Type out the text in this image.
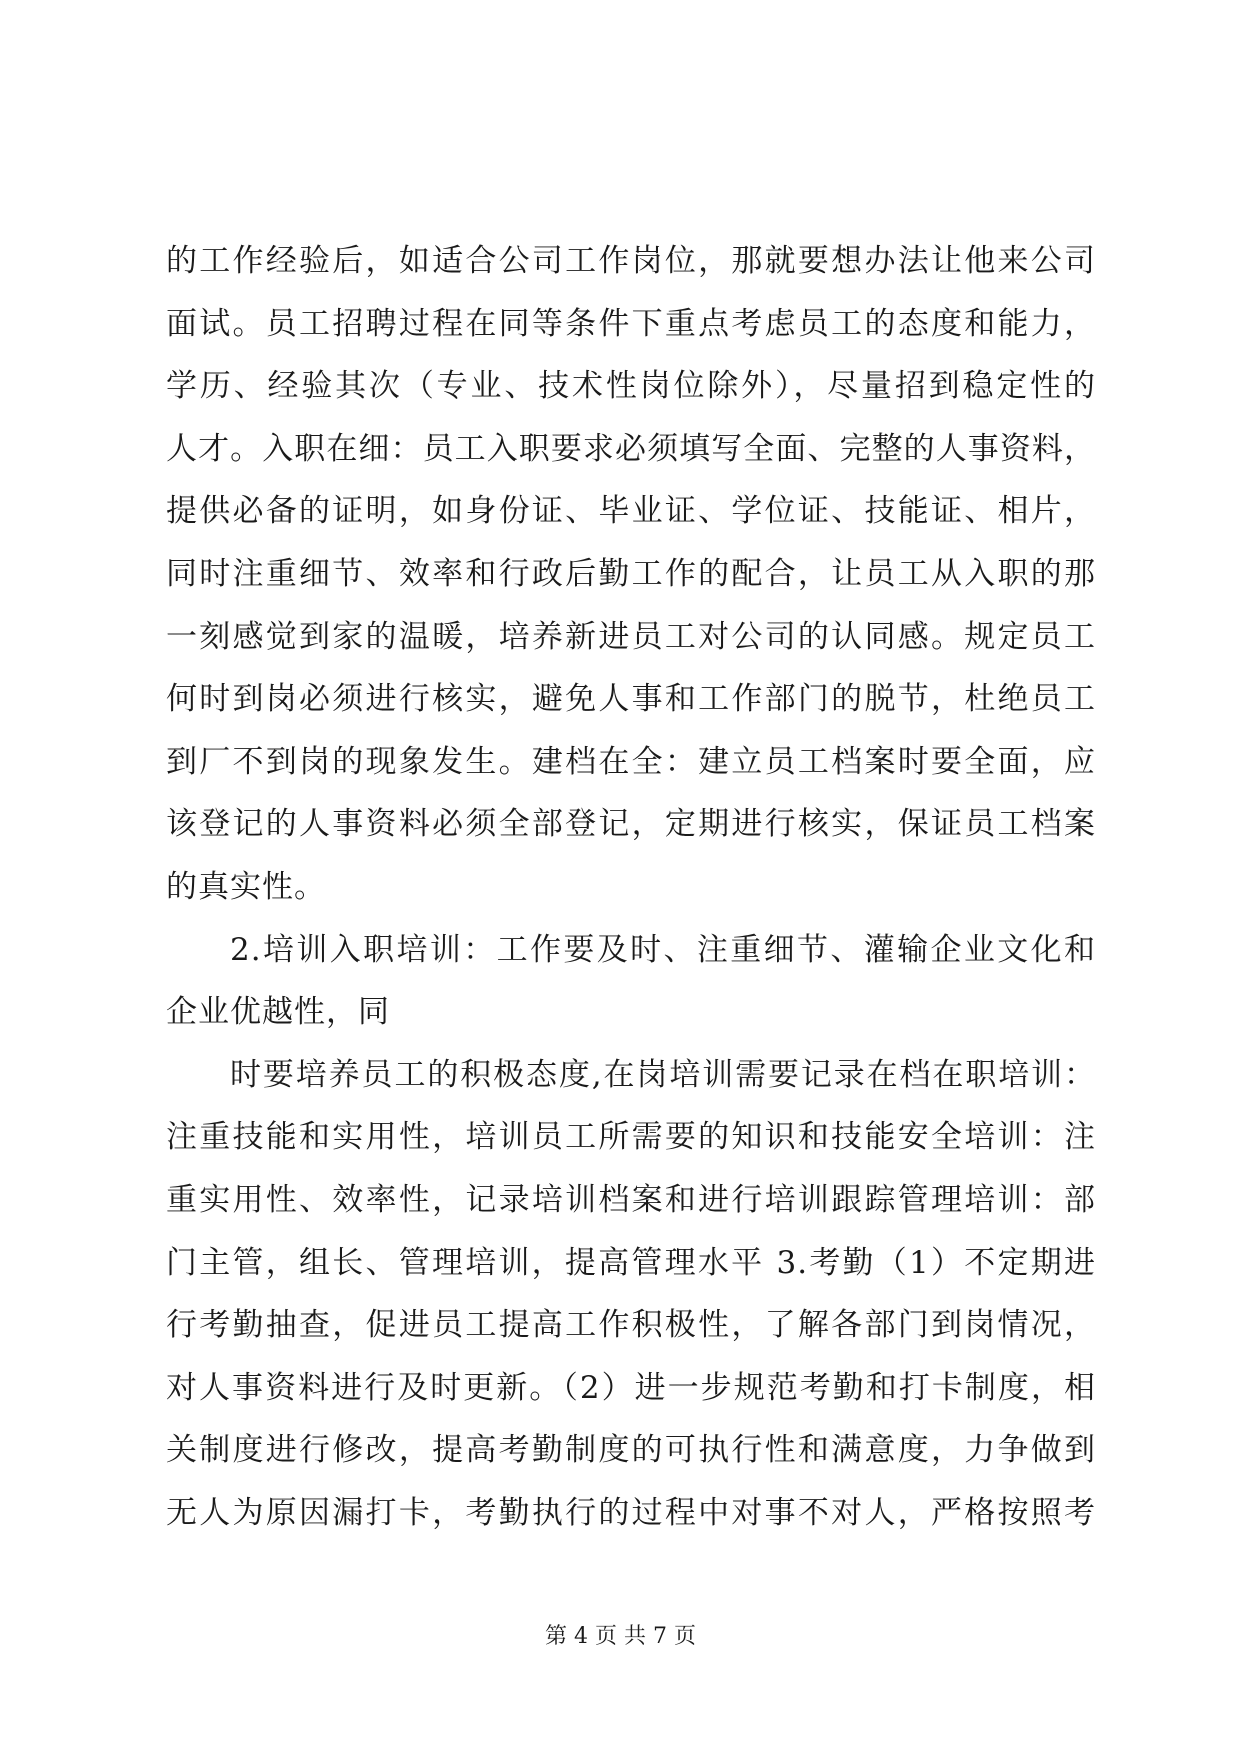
的工作经验后，如适合公司工作岗位，那就要想办法让他来公司
面试。员工招聘过程在同等条件下重点考虑员工的态度和能力，
学历、经验其次（专业、技术性岗位除外），尽量招到稳定性的
人才。入职在细：员工入职要求必须填写全面、完整的人事资料，
提供必备的证明，如身份证、毕业证、学位证、技能证、相片，
同时注重细节、效率和行政后勤工作的配合，让员工从入职的那
一刻感觉到家的温暖，培养新进员工对公司的认同感。规定员工
何时到岗必须进行核实，避免人事和工作部门的脱节，杜绝员工
到厂不到岗的现象发生。建档在全：建立员工档案时要全面，应
该登记的人事资料必须全部登记，定期进行核实，保证员工档案
的真实性。
2.培训入职培训：工作要及时、注重细节、灌输企业文化和
企业优越性，同
时要培养员工的积极态度,在岗培训需要记录在档在职培训：
注重技能和实用性，培训员工所需要的知识和技能安全培训：注
重实用性、效率性，记录培训档案和进行培训跟踪管理培训：部
门主管，组长、管理培训，提高管理水平 3.考勤（1）不定期进
行考勤抽查，促进员工提高工作积极性，了解各部门到岗情况，
对人事资料进行及时更新。（2）进一步规范考勤和打卡制度，相
关制度进行修改，提高考勤制度的可执行性和满意度，力争做到
无人为原因漏打卡，考勤执行的过程中对事不对人，严格按照考
第 4 页 共 7 页
